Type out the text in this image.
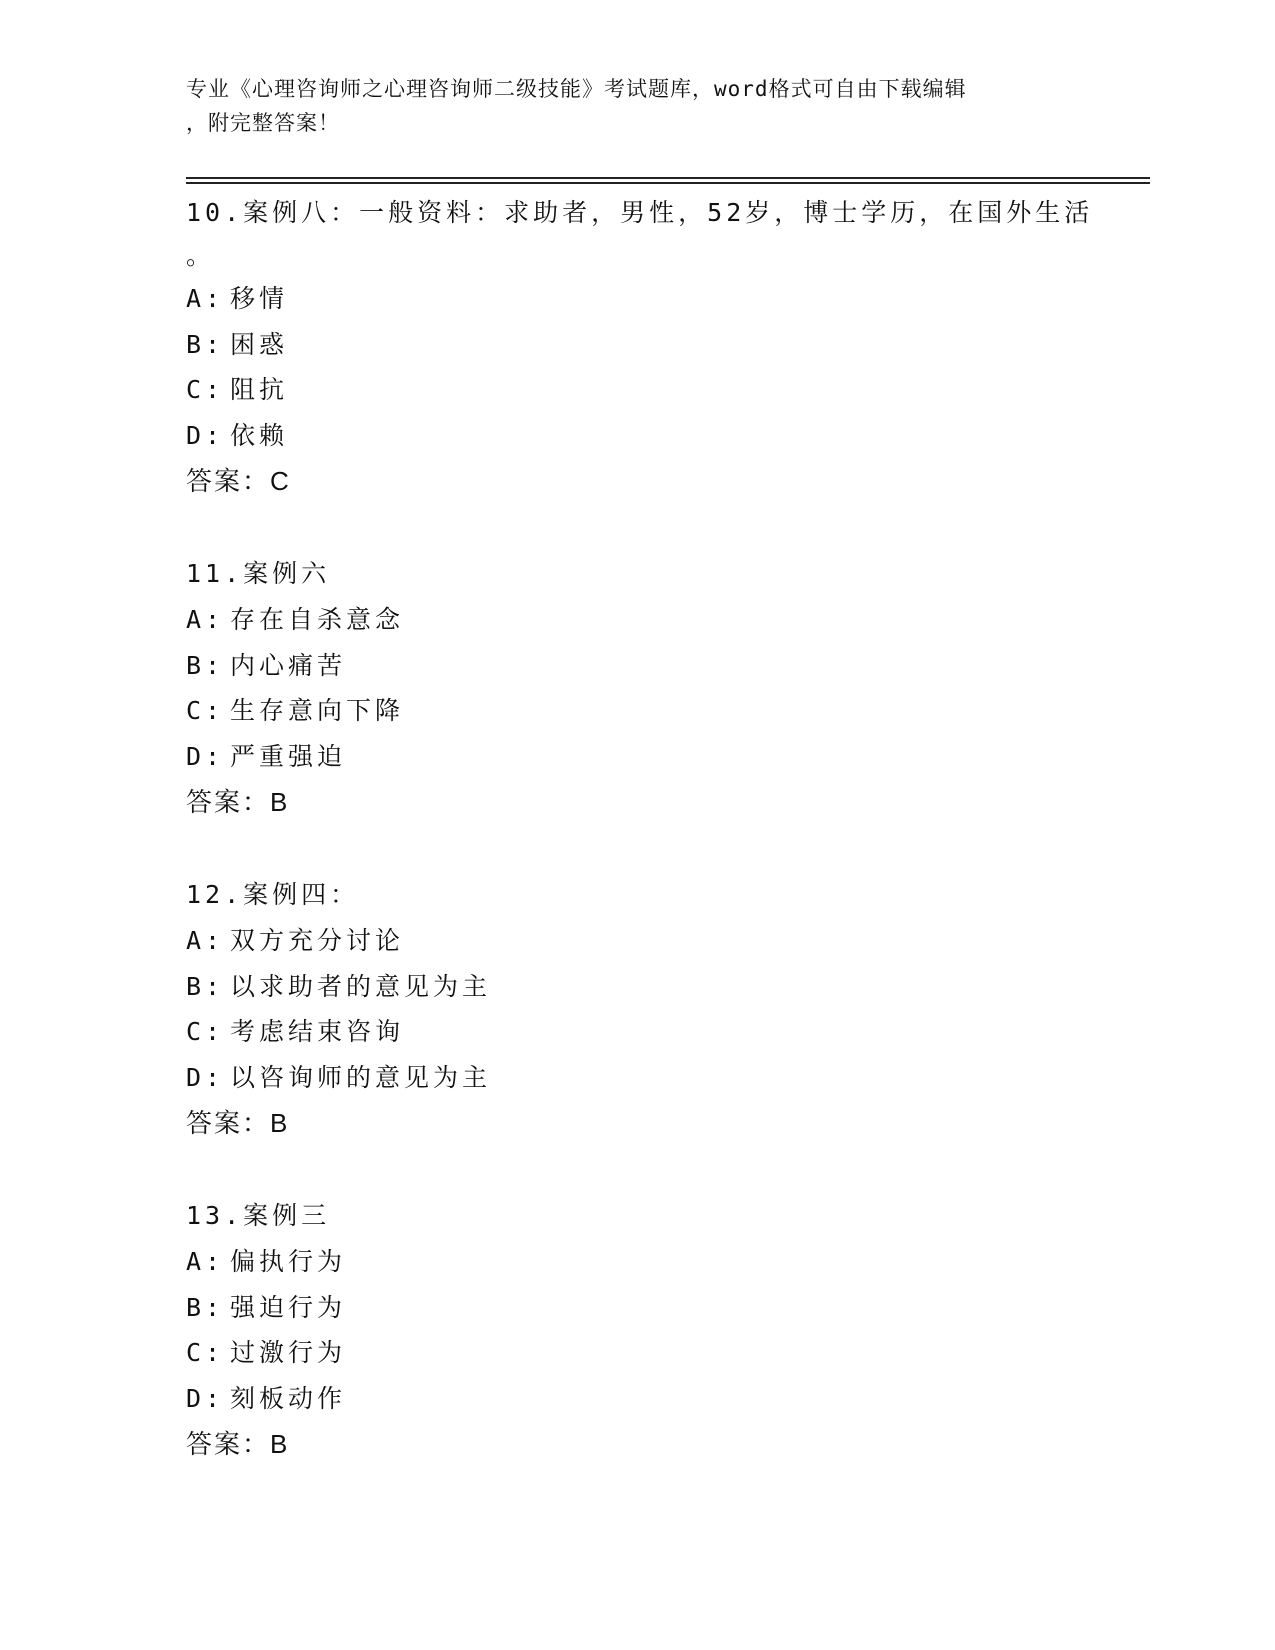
专业《心理咨询师之心理咨询师二级技能》考试题库，word格式可自由下载编辑
，附完整答案！
10.案例八：一般资料：求助者，男性，52岁，博士学历，在国外生活
。
A: 移情
B: 困惑
C: 阻抗
D: 依赖
答案：C
11.案例六
A: 存在自杀意念
B: 内心痛苦
C: 生存意向下降
D: 严重强迫
答案：B
12.案例四：
A: 双方充分讨论
B: 以求助者的意见为主
C: 考虑结束咨询
D: 以咨询师的意见为主
答案：B
13.案例三
A: 偏执行为
B: 强迫行为
C: 过激行为
D: 刻板动作
答案：B
